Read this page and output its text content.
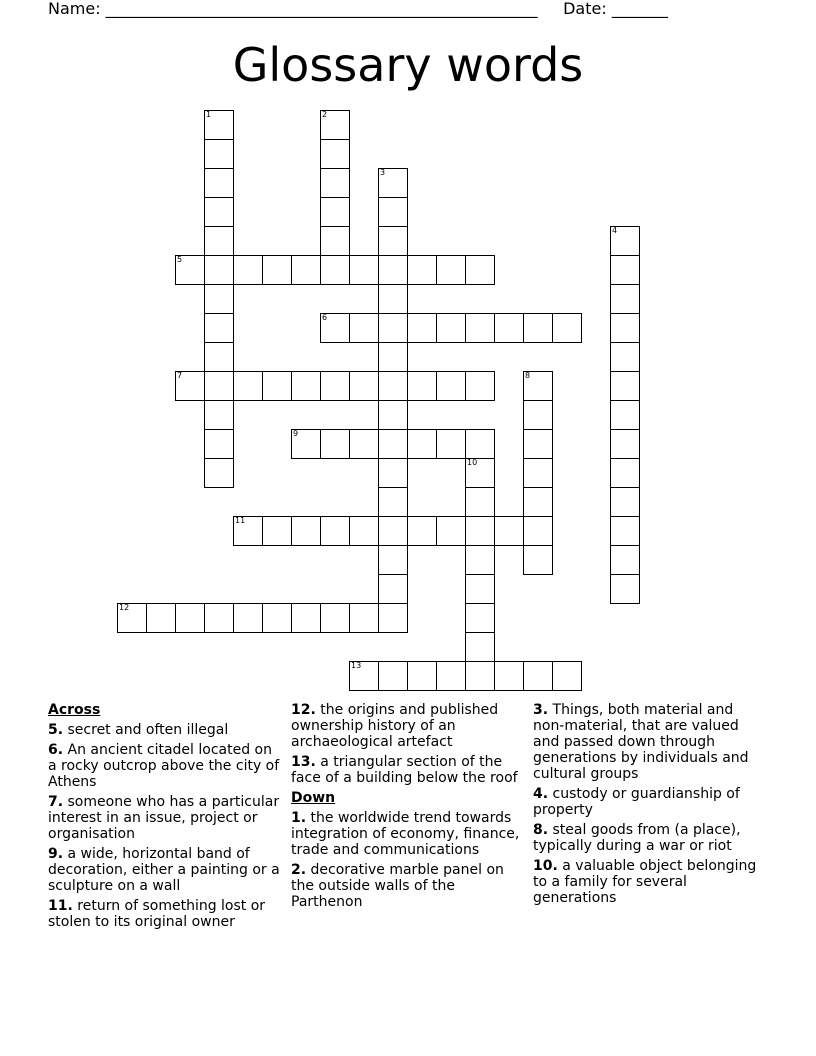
Name: ______________________________________________________     Date: _______
Glossary words
1	2
3
4
5
6
7	8
9
10
11
12
13
Across
5. secret and often illegal
6. An ancient citadel located on a rocky outcrop above the city of Athens
7. someone who has a particular interest in an issue, project or organisation
9. a wide, horizontal band of decoration, either a painting or a sculpture on a wall
11. return of something lost or stolen to its original owner
12. the origins and published ownership history of an archaeological artefact
13. a triangular section of the face of a building below the roof
Down
1. the worldwide trend towards integration of economy, finance, trade and communications
2. decorative marble panel on the outside walls of the Parthenon
3. Things, both material and non-material, that are valued and passed down through generations by individuals and cultural groups
4. custody or guardianship of property
8. steal goods from (a place), typically during a war or riot
10. a valuable object belonging to a family for several generations
